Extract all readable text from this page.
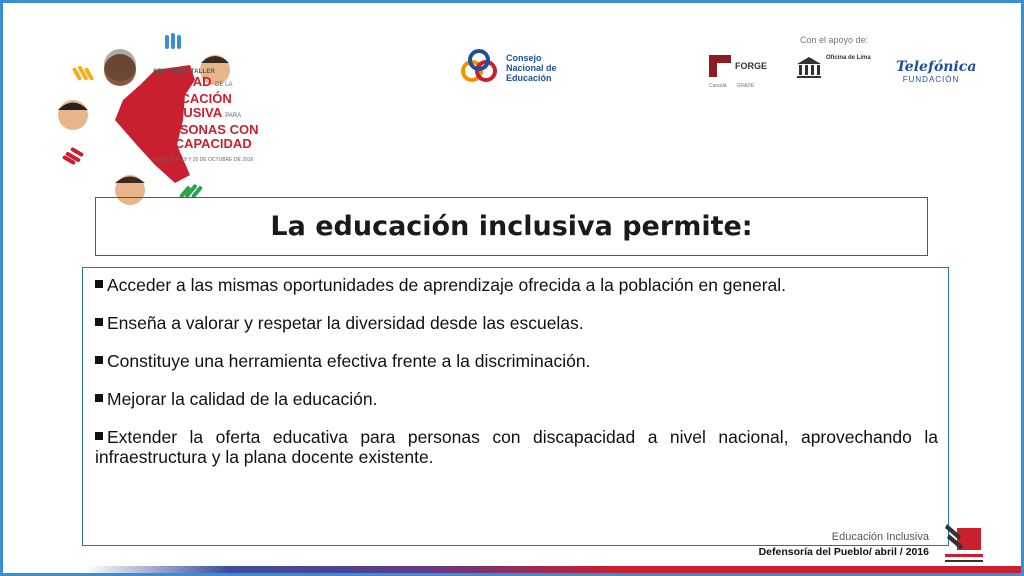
SEMINARIO TALLER
CALIDAD DE LA
EDUCACIÓN
INCLUSIVA PARA
PERSONAS CON
DISCAPACIDAD
AREQUIPA, 19 Y 20 DE OCTUBRE DE 2016
Consejo
Nacional de
Educación
Con el apoyo de:
FORGE
Canadá GRADE
Oficina de Lima
Telefónica
FUNDACIÓN
La educación inclusiva permite:
Acceder a las mismas oportunidades de aprendizaje ofrecida a la población en general.
Enseña a valorar y respetar la diversidad desde las escuelas.
Constituye una herramienta efectiva frente a la discriminación.
Mejorar la calidad de la educación.
Extender la oferta educativa para personas con discapacidad a nivel nacional, aprovechando la infraestructura y la plana docente existente.
Educación Inclusiva
Defensoría del Pueblo/ abril / 2016
